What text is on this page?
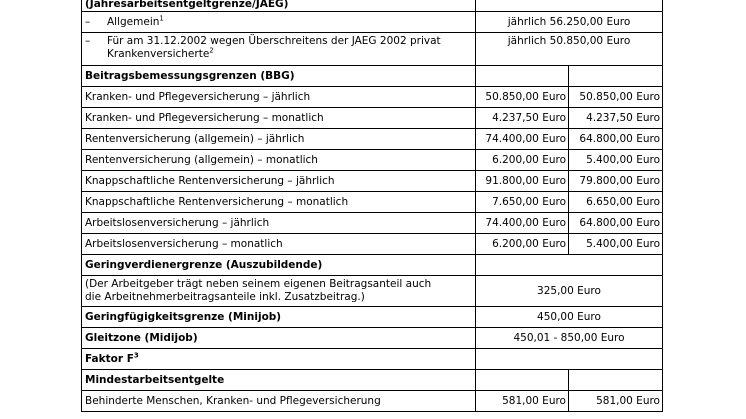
(Jahresarbeitsentgeltgrenze/JAEG)		
– Allgemein$^1$	jährlich 56.250,00 Euro	
– Für am 31.12.2002 wegen Überschreitens der JAEG 2002 privat
Krankenversicherte$^2$	jährlich 50.850,00 Euro	
Beitragsbemessungsgrenzen (BBG)		
Kranken- und Pflegeversicherung – jährlich	50.850,00 Euro	50.850,00 Euro
Kranken- und Pflegeversicherung – monatlich	4.237,50 Euro	4.237,50 Euro
Rentenversicherung (allgemein) – jährlich	74.400,00 Euro	64.800,00 Euro
Rentenversicherung (allgemein) – monatlich	6.200,00 Euro	5.400,00 Euro
Knappschaftliche Rentenversicherung – jährlich	91.800,00 Euro	79.800,00 Euro
Knappschaftliche Rentenversicherung – monatlich	7.650,00 Euro	6.650,00 Euro
Arbeitslosenversicherung – jährlich	74.400,00 Euro	64.800,00 Euro
Arbeitslosenversicherung – monatlich	6.200,00 Euro	5.400,00 Euro
Geringverdienergrenze (Auszubildende)		
(Der Arbeitgeber trägt neben seinem eigenen Beitragsanteil auch
die Arbeitnehmerbeitragsanteile inkl. Zusatzbeitrag.)	325,00 Euro	
Geringfügigkeitsgrenze (Minijob)	450,00 Euro	
Gleitzone (Midijob)	450,01 - 850,00 Euro	
Faktor $F^3$	
Mindestarbeitsentgelte		
Behinderte Menschen, Kranken- und Pflegeversicherung	581,00 Euro	581,00 Euro
